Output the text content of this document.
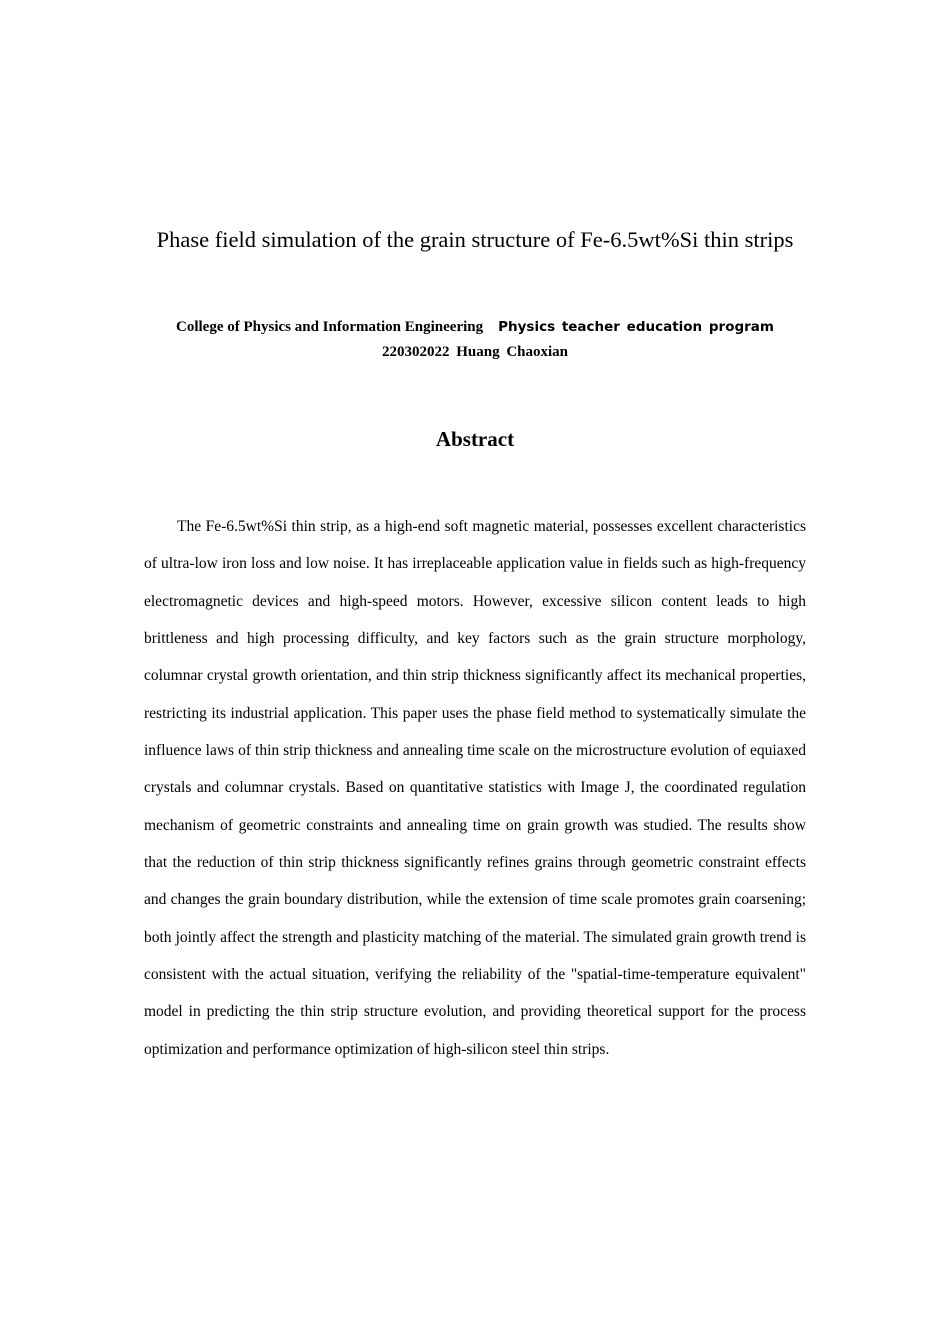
Phase field simulation of the grain structure of Fe-6.5wt%Si thin strips
College of Physics and Information Engineering Physics teacher education program
220302022 Huang Chaoxian
Abstract

The Fe-6.5wt%Si thin strip, as a high-end soft magnetic material, possesses excellent characteristics of ultra-low iron loss and low noise. It has irreplaceable application value in fields such as high-frequency electromagnetic devices and high-speed motors. However, excessive silicon content leads to high brittleness and high processing difficulty, and key factors such as the grain structure morphology, columnar crystal growth orientation, and thin strip thickness significantly affect its mechanical properties, restricting its industrial application. This paper uses the phase field method to systematically simulate the influence laws of thin strip thickness and annealing time scale on the microstructure evolution of equiaxed crystals and columnar crystals. Based on quantitative statistics with Image J, the coordinated regulation mechanism of geometric constraints and annealing time on grain growth was studied. The results show that the reduction of thin strip thickness significantly refines grains through geometric constraint effects and changes the grain boundary distribution, while the extension of time scale promotes grain coarsening; both jointly affect the strength and plasticity matching of the material. The simulated grain growth trend is consistent with the actual situation, verifying the reliability of the "spatial-time-temperature equivalent" model in predicting the thin strip structure evolution, and providing theoretical support for the process optimization and performance optimization of high-silicon steel thin strips.
